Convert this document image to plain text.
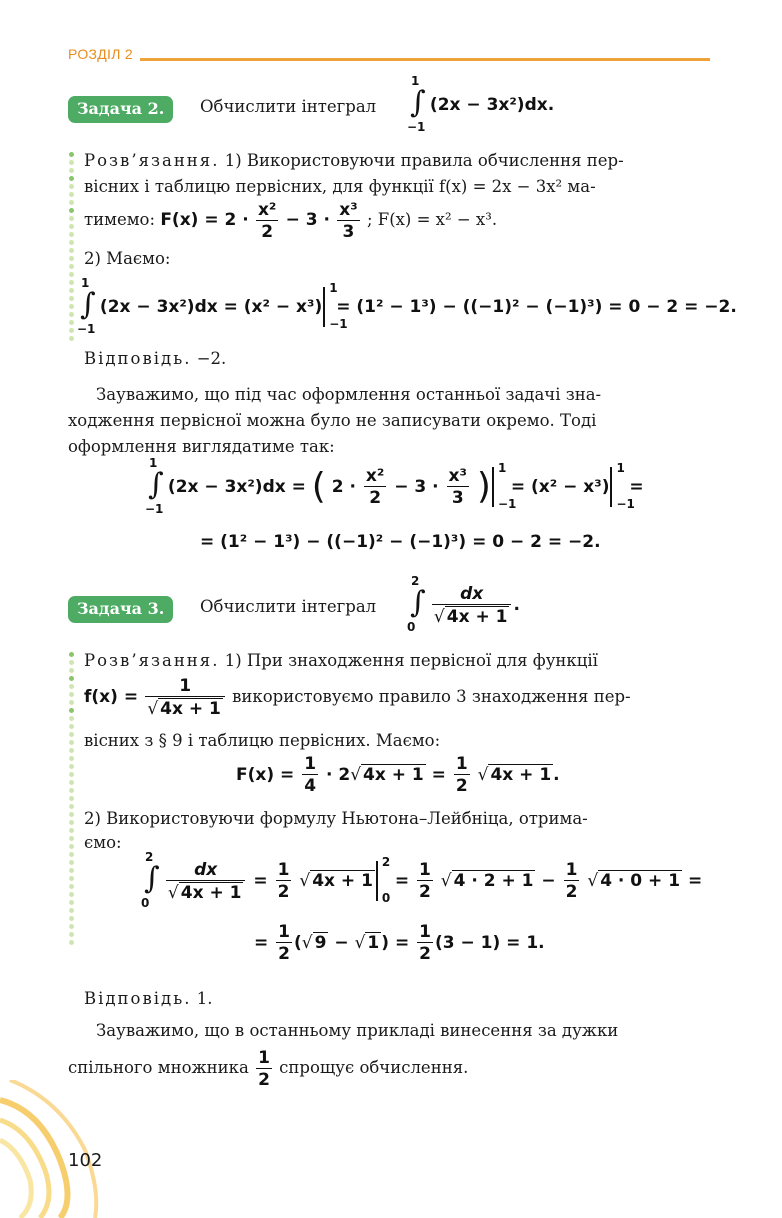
РОЗДІЛ 2
Задача 2.	Обчислити інтеграл ∫
1
−1
(2x − 3x²)dx.
Розв’язання. 1) Використовуючи правила обчислення пер-
вісних і таблицю первісних, для функції f(x) = 2x − 3x² ма-
тимемо: $F(x) = 2 \cdot \frac{\text{x²}}{2} - 3 \cdot \frac{\text{x³}}{3}$ ; F(x) = x² − x³.
2) Маємо:
∫
1
−1
(2x − 3x²)dx = (x² − x³)
1
−1
= (1² − 1³) − ((−1)² − (−1)³) = 0 − 2 = −2.
Відповідь. −2.
Зауважимо, що під час оформлення останньої задачі зна-
ходження первісної можна було не записувати окремо. Тоді
оформлення виглядатиме так:
∫
1
−1
(2x − 3x²)dx = ( $2 \cdot \frac{\text{x²}}{2} - 3 \cdot \frac{\text{x³}}{3}$ ) 1
−1
= (x² − x³)
1
−1
=
= (1² − 1³) − ((−1)² − (−1)³) = 0 − 2 = −2.
Задача 3.	Обчислити інтеграл ∫
2
0

$\frac{dx}{√ 4x + 1}$ .
Розв’язання. 1) При знаходження первісної для функції
$f(x) = \frac{1}{√ 4x + 1}$ використовуємо правило 3 знаходження пер-
вісних з § 9 і таблицю первісних. Маємо:
$F(x) = \frac{1}{4} \cdot 2√$ $4x + 1 = \frac{1}{2}$ √ 4x + 1 .
2) Використовуючи формулу Ньютона–Лейбніца, отрима-
ємо:
∫
2
0

$\frac{dx}{√ 4x + 1} = \frac{1}{2}$ √ 4x + 1
2
0
= $\frac{1}{2}$ √ $4 \cdot 2 + 1 - \frac{1}{2}$ √ 4 · 0 + 1 =
= $\frac{1}{2}$ (√ 9 − √ 1 ) = $\frac{1}{2} (3 - 1) = 1$.
Відповідь. 1.
Зауважимо, що в останньому прикладі винесення за дужки
спільного множника $\frac{1}{2}$ спрощує обчислення.
102
